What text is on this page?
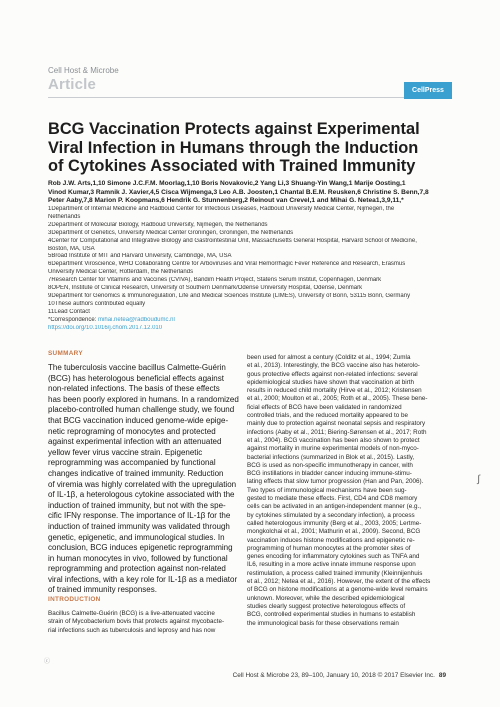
Cell Host & Microbe
Article	CellPress
BCG Vaccination Protects against Experimental
Viral Infection in Humans through the Induction
of Cytokines Associated with Trained Immunity
Rob J.W. Arts,1,10 Simone J.C.F.M. Moorlag,1,10 Boris Novakovic,2 Yang Li,3 Shuang-Yin Wang,1 Marije Oosting,1
Vinod Kumar,3 Ramnik J. Xavier,4,5 Cisca Wijmenga,3 Leo A.B. Joosten,1 Chantal B.E.M. Reusken,6 Christine S. Benn,7,8
Peter Aaby,7,8 Marion P. Koopmans,6 Hendrik G. Stunnenberg,2 Reinout van Crevel,1 and Mihai G. Netea1,3,9,11,*
1Department of Internal Medicine and Radboud Center for Infectious Diseases, Radboud University Medical Center, Nijmegen, the
Netherlands
2Department of Molecular Biology, Radboud University, Nijmegen, the Netherlands
3Department of Genetics, University Medical Center Groningen, Groningen, the Netherlands
4Center for Computational and Integrative Biology and Gastrointestinal Unit, Massachusetts General Hospital, Harvard School of Medicine,
Boston, MA, USA
5Broad Institute of MIT and Harvard University, Cambridge, MA, USA
6Department Viroscience, WHO Collaborating Centre for Arboviruses and Viral Hemorrhagic Fever Reference and Research, Erasmus
University Medical Center, Rotterdam, the Netherlands
7Research Center for Vitamins and Vaccines (CVIVA), Bandim Health Project, Statens Serum Institut, Copenhagen, Denmark
8OPEN, Institute of Clinical Research, University of Southern Denmark/Odense University Hospital, Odense, Denmark
9Department for Genomics & Immunoregulation, Life and Medical Sciences Institute (LIMES), University of Bonn, 53115 Bonn, Germany
10These authors contributed equally
11Lead Contact
*Correspondence: mihai.netea@radboudumc.nl
https://doi.org/10.1016/j.chom.2017.12.010
SUMMARY
The tuberculosis vaccine bacillus Calmette-Guérin
(BCG) has heterologous beneficial effects against
non-related infections. The basis of these effects
has been poorly explored in humans. In a randomized
placebo-controlled human challenge study, we found
that BCG vaccination induced genome-wide epige-
netic reprograming of monocytes and protected
against experimental infection with an attenuated
yellow fever virus vaccine strain. Epigenetic
reprogramming was accompanied by functional
changes indicative of trained immunity. Reduction
of viremia was highly correlated with the upregulation
of IL-1β, a heterologous cytokine associated with the
induction of trained immunity, but not with the spe-
cific IFNγ response. The importance of IL-1β for the
induction of trained immunity was validated through
genetic, epigenetic, and immunological studies. In
conclusion, BCG induces epigenetic reprogramming
in human monocytes in vivo, followed by functional
reprogramming and protection against non-related
viral infections, with a key role for IL-1β as a mediator
of trained immunity responses.
INTRODUCTION
Bacillus Calmette-Guérin (BCG) is a live-attenuated vaccine
strain of Mycobacterium bovis that protects against mycobacte-
rial infections such as tuberculosis and leprosy and has now
been used for almost a century (Colditz et al., 1994; Zumla
et al., 2013). Interestingly, the BCG vaccine also has heterolo-
gous protective effects against non-related infections: several
epidemiological studies have shown that vaccination at birth
results in reduced child mortality (Hirve et al., 2012; Kristensen
et al., 2000; Moulton et al., 2005; Roth et al., 2005). These bene-
ficial effects of BCG have been validated in randomized
controlled trials, and the reduced mortality appeared to be
mainly due to protection against neonatal sepsis and respiratory
infections (Aaby et al., 2011; Biering-Sørensen et al., 2017; Roth
et al., 2004). BCG vaccination has been also shown to protect
against mortality in murine experimental models of non-myco-
bacterial infections (summarized in Blok et al., 2015). Lastly,
BCG is used as non-specific immunotherapy in cancer, with
BCG instillations in bladder cancer inducing immune-stimu-
lating effects that slow tumor progression (Han and Pan, 2006).
Two types of immunological mechanisms have been sug-
gested to mediate these effects. First, CD4 and CD8 memory
cells can be activated in an antigen-independent manner (e.g.,
by cytokines stimulated by a secondary infection), a process
called heterologous immunity (Berg et al., 2003, 2005; Lertme-
mongkolchai et al., 2001; Mathurin et al., 2009). Second, BCG
vaccination induces histone modifications and epigenetic re-
programming of human monocytes at the promoter sites of
genes encoding for inflammatory cytokines such as TNFA and
IL6, resulting in a more active innate immune response upon
restimulation, a process called trained immunity (Kleinnijenhuis
et al., 2012; Netea et al., 2016). However, the extent of the effects
of BCG on histone modifications at a genome-wide level remains
unknown. Moreover, while the described epidemiological
studies clearly suggest protective heterologous effects of
BCG, controlled experimental studies in humans to establish
the immunological basis for these observations remain
ⓒ
∫
Cell Host & Microbe 23, 89–100, January 10, 2018 © 2017 Elsevier Inc. 89
